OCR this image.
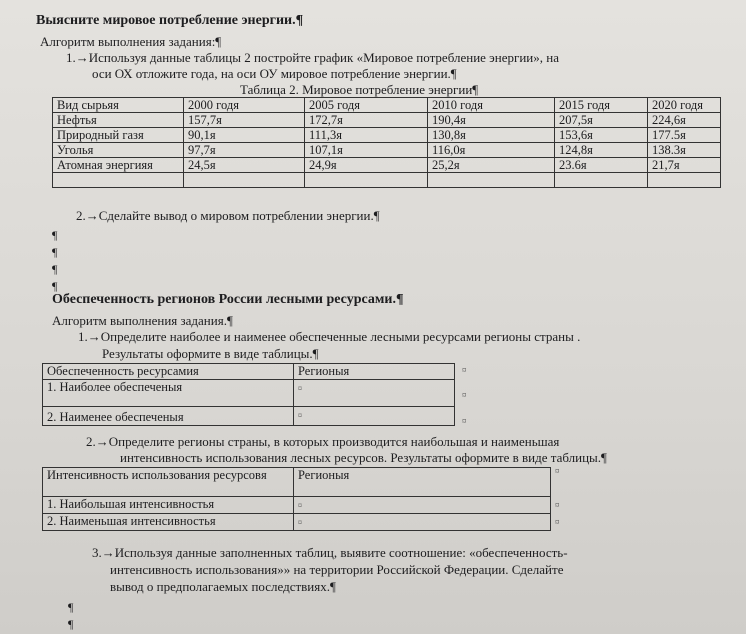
Выясните мировое потребление энергии.¶
Алгоритм выполнения задания:¶
1.→Используя данные таблицы 2 постройте график «Мировое потребление энергии», на
оси ОХ отложите года, на оси ОУ мировое потребление энергии.¶
Таблица 2. Мировое потребление энергии¶
Вид сырьяᴙ	2000 годᴙ	2005 годᴙ	2010 годᴙ	2015 годᴙ	2020 годᴙ
Нефтьᴙ	157,7ᴙ	172,7ᴙ	190,4ᴙ	207,5ᴙ	224,6ᴙ
Природный газᴙ	90,1ᴙ	111,3ᴙ	130,8ᴙ	153,6ᴙ	177.5ᴙ
Угольᴙ	97,7ᴙ	107,1ᴙ	116,0ᴙ	124,8ᴙ	138.3ᴙ
Атомная энергияᴙ	24,5ᴙ	24,9ᴙ	25,2ᴙ	23.6ᴙ	21,7ᴙ

2.→Сделайте вывод о мировом потреблении энергии.¶
¶
¶
¶
¶
Обеспеченность регионов России лесными ресурсами.¶
Алгоритм выполнения задания.¶
1.→Определите наиболее и наименее обеспеченные лесными ресурсами регионы страны .
Результаты оформите в виде таблицы.¶
Обеспеченность ресурсамиᴙ	Регионыᴙ
1. Наиболее обеспеченыᴙ	¤
2. Наименее обеспеченыᴙ	¤
2.→Определите регионы страны, в которых производится наибольшая и наименьшая
интенсивность использования лесных ресурсов. Результаты оформите в виде таблицы.¶
Интенсивность использования ресурсовᴙ	Регионыᴙ
1. Наибольшая интенсивностьᴙ	¤
2. Наименьшая интенсивностьᴙ	¤
3.→Используя данные заполненных таблиц, выявите соотношение: «обеспеченность-
интенсивность использования»» на территории Российской Федерации. Сделайте
вывод о предполагаемых последствиях.¶
¶
¶
¤
¤
¤
¤
¤
¤
